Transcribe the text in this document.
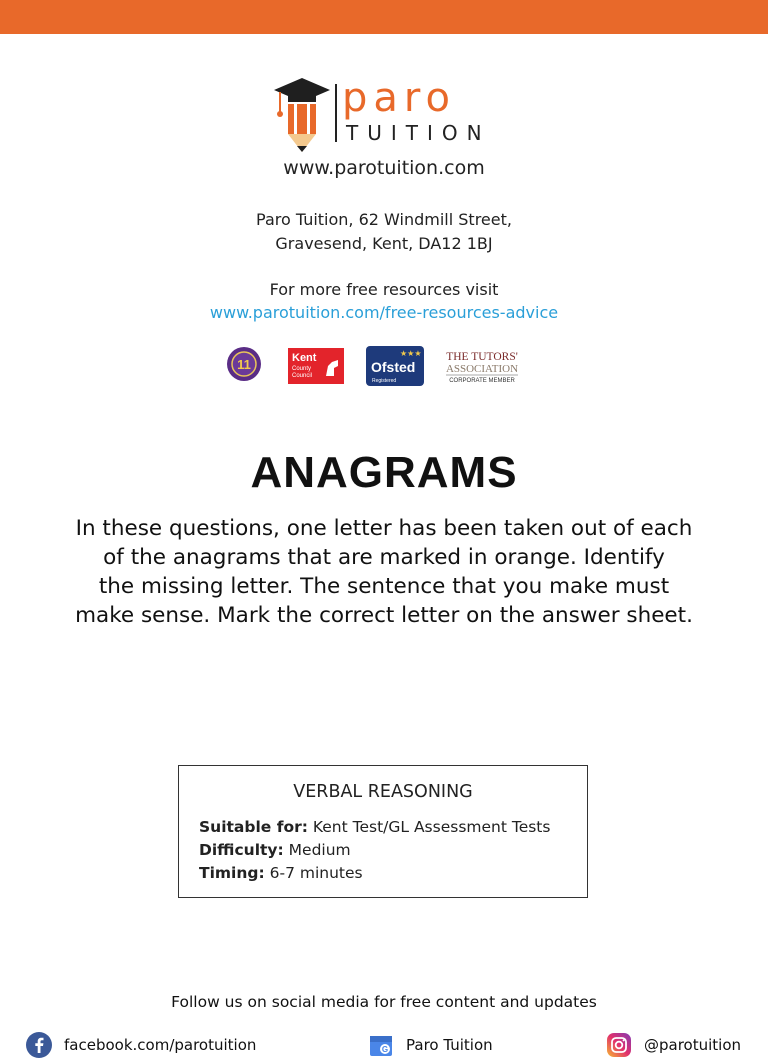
paro
TUITION
www.parotuition.com
Paro Tuition, 62 Windmill Street,
Gravesend, Kent, DA12 1BJ
For more free resources visit
www.parotuition.com/free-resources-advice
11	Kent
County
Council
★★★
Ofsted
Registered
THE TUTORS'
ASSOCIATION
CORPORATE MEMBER
ANAGRAMS
In these questions, one letter has been taken out of each
of the anagrams that are marked in orange. Identify
the missing letter. The sentence that you make must
make sense. Mark the correct letter on the answer sheet.
VERBAL REASONING
Suitable for: Kent Test/GL Assessment Tests
Difficulty: Medium
Timing: 6-7 minutes
Follow us on social media for free content and updates
facebook.com/parotuition	G Paro Tuition	@parotuition
